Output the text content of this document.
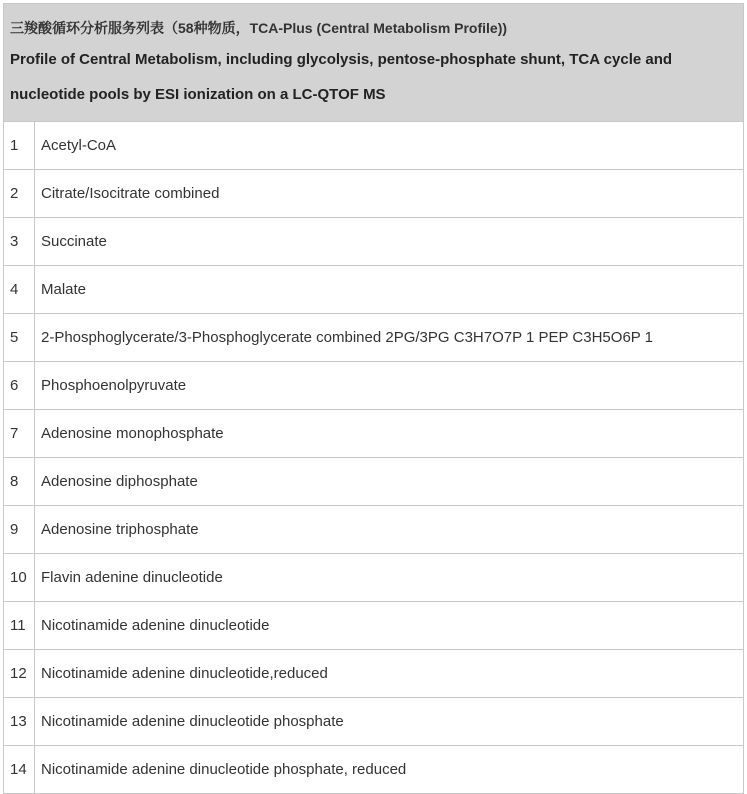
三羧酸循环分析服务列表（58种物质，TCA-Plus (Central Metabolism Profile))
Profile of Central Metabolism, including glycolysis, pentose-phosphate shunt, TCA cycle and
nucleotide pools by ESI ionization on a LC-QTOF MS
1	Acetyl-CoA
2	Citrate/Isocitrate combined
3	Succinate
4	Malate
5	2-Phosphoglycerate/3-Phosphoglycerate combined 2PG/3PG C3H7O7P 1 PEP C3H5O6P 1
6	Phosphoenolpyruvate
7	Adenosine monophosphate
8	Adenosine diphosphate
9	Adenosine triphosphate
10 Flavin adenine dinucleotide
11	Nicotinamide adenine dinucleotide
12 Nicotinamide adenine dinucleotide,reduced
13 Nicotinamide adenine dinucleotide phosphate
14 Nicotinamide adenine dinucleotide phosphate, reduced
